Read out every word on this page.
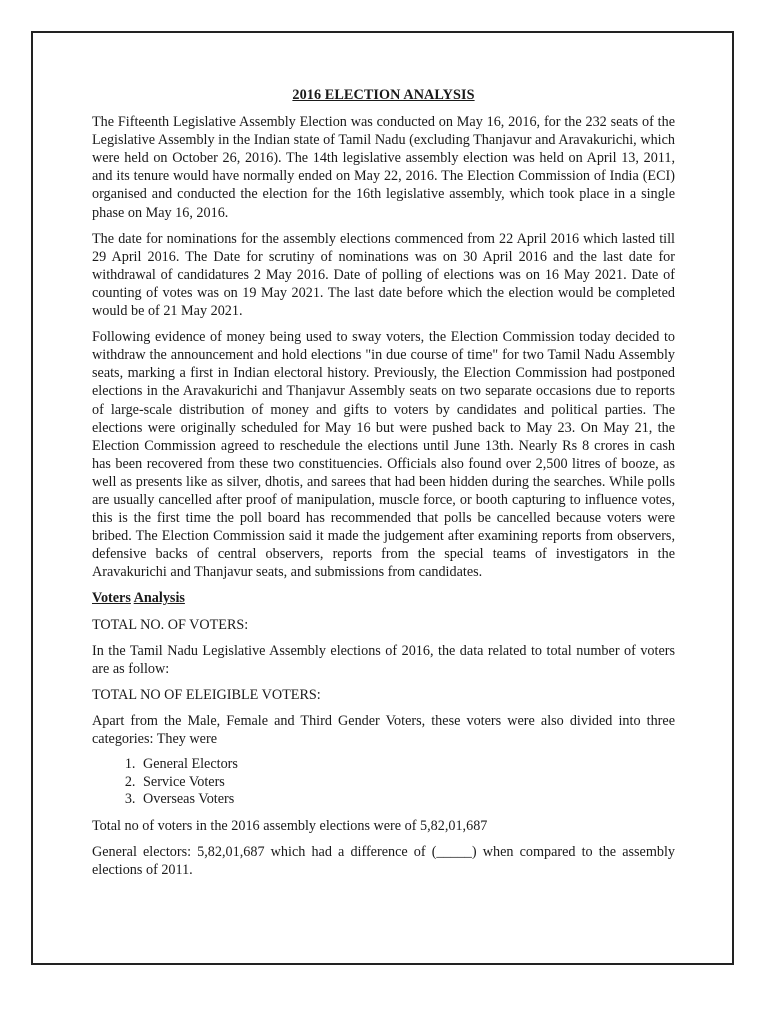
2016 ELECTION ANALYSIS

The Fifteenth Legislative Assembly Election was conducted on May 16, 2016, for the 232 seats of the Legislative Assembly in the Indian state of Tamil Nadu (excluding Thanjavur and Aravakurichi, which were held on October 26, 2016). The 14th legislative assembly election was held on April 13, 2011, and its tenure would have normally ended on May 22, 2016. The Election Commission of India (ECI) organised and conducted the election for the 16th legislative assembly, which took place in a single phase on May 16, 2016.

The date for nominations for the assembly elections commenced from 22 April 2016 which lasted till 29 April 2016. The Date for scrutiny of nominations was on 30 April 2016 and the last date for withdrawal of candidatures 2 May 2016. Date of polling of elections was on 16 May 2021. Date of counting of votes was on 19 May 2021. The last date before which the election would be completed would be of 21 May 2021.

Following evidence of money being used to sway voters, the Election Commission today decided to withdraw the announcement and hold elections "in due course of time" for two Tamil Nadu Assembly seats, marking a first in Indian electoral history. Previously, the Election Commission had postponed elections in the Aravakurichi and Thanjavur Assembly seats on two separate occasions due to reports of large-scale distribution of money and gifts to voters by candidates and political parties. The elections were originally scheduled for May 16 but were pushed back to May 23. On May 21, the Election Commission agreed to reschedule the elections until June 13th. Nearly Rs 8 crores in cash has been recovered from these two constituencies. Officials also found over 2,500 litres of booze, as well as presents like as silver, dhotis, and sarees that had been hidden during the searches. While polls are usually cancelled after proof of manipulation, muscle force, or booth capturing to influence votes, this is the first time the poll board has recommended that polls be cancelled because voters were bribed. The Election Commission said it made the judgement after examining reports from observers, defensive backs of central observers, reports from the special teams of investigators in the Aravakurichi and Thanjavur seats, and submissions from candidates.

Voters Analysis
TOTAL NO. OF VOTERS:

In the Tamil Nadu Legislative Assembly elections of 2016, the data related to total number of voters are as follow:

TOTAL NO OF ELEIGIBLE VOTERS:

Apart from the Male, Female and Third Gender Voters, these voters were also divided into three categories: They were

1. General Electors
2. Service Voters
3. Overseas Voters

Total no of voters in the 2016 assembly elections were of 5,82,01,687

General electors: 5,82,01,687 which had a difference of (_____) when compared to the assembly elections of 2011.
